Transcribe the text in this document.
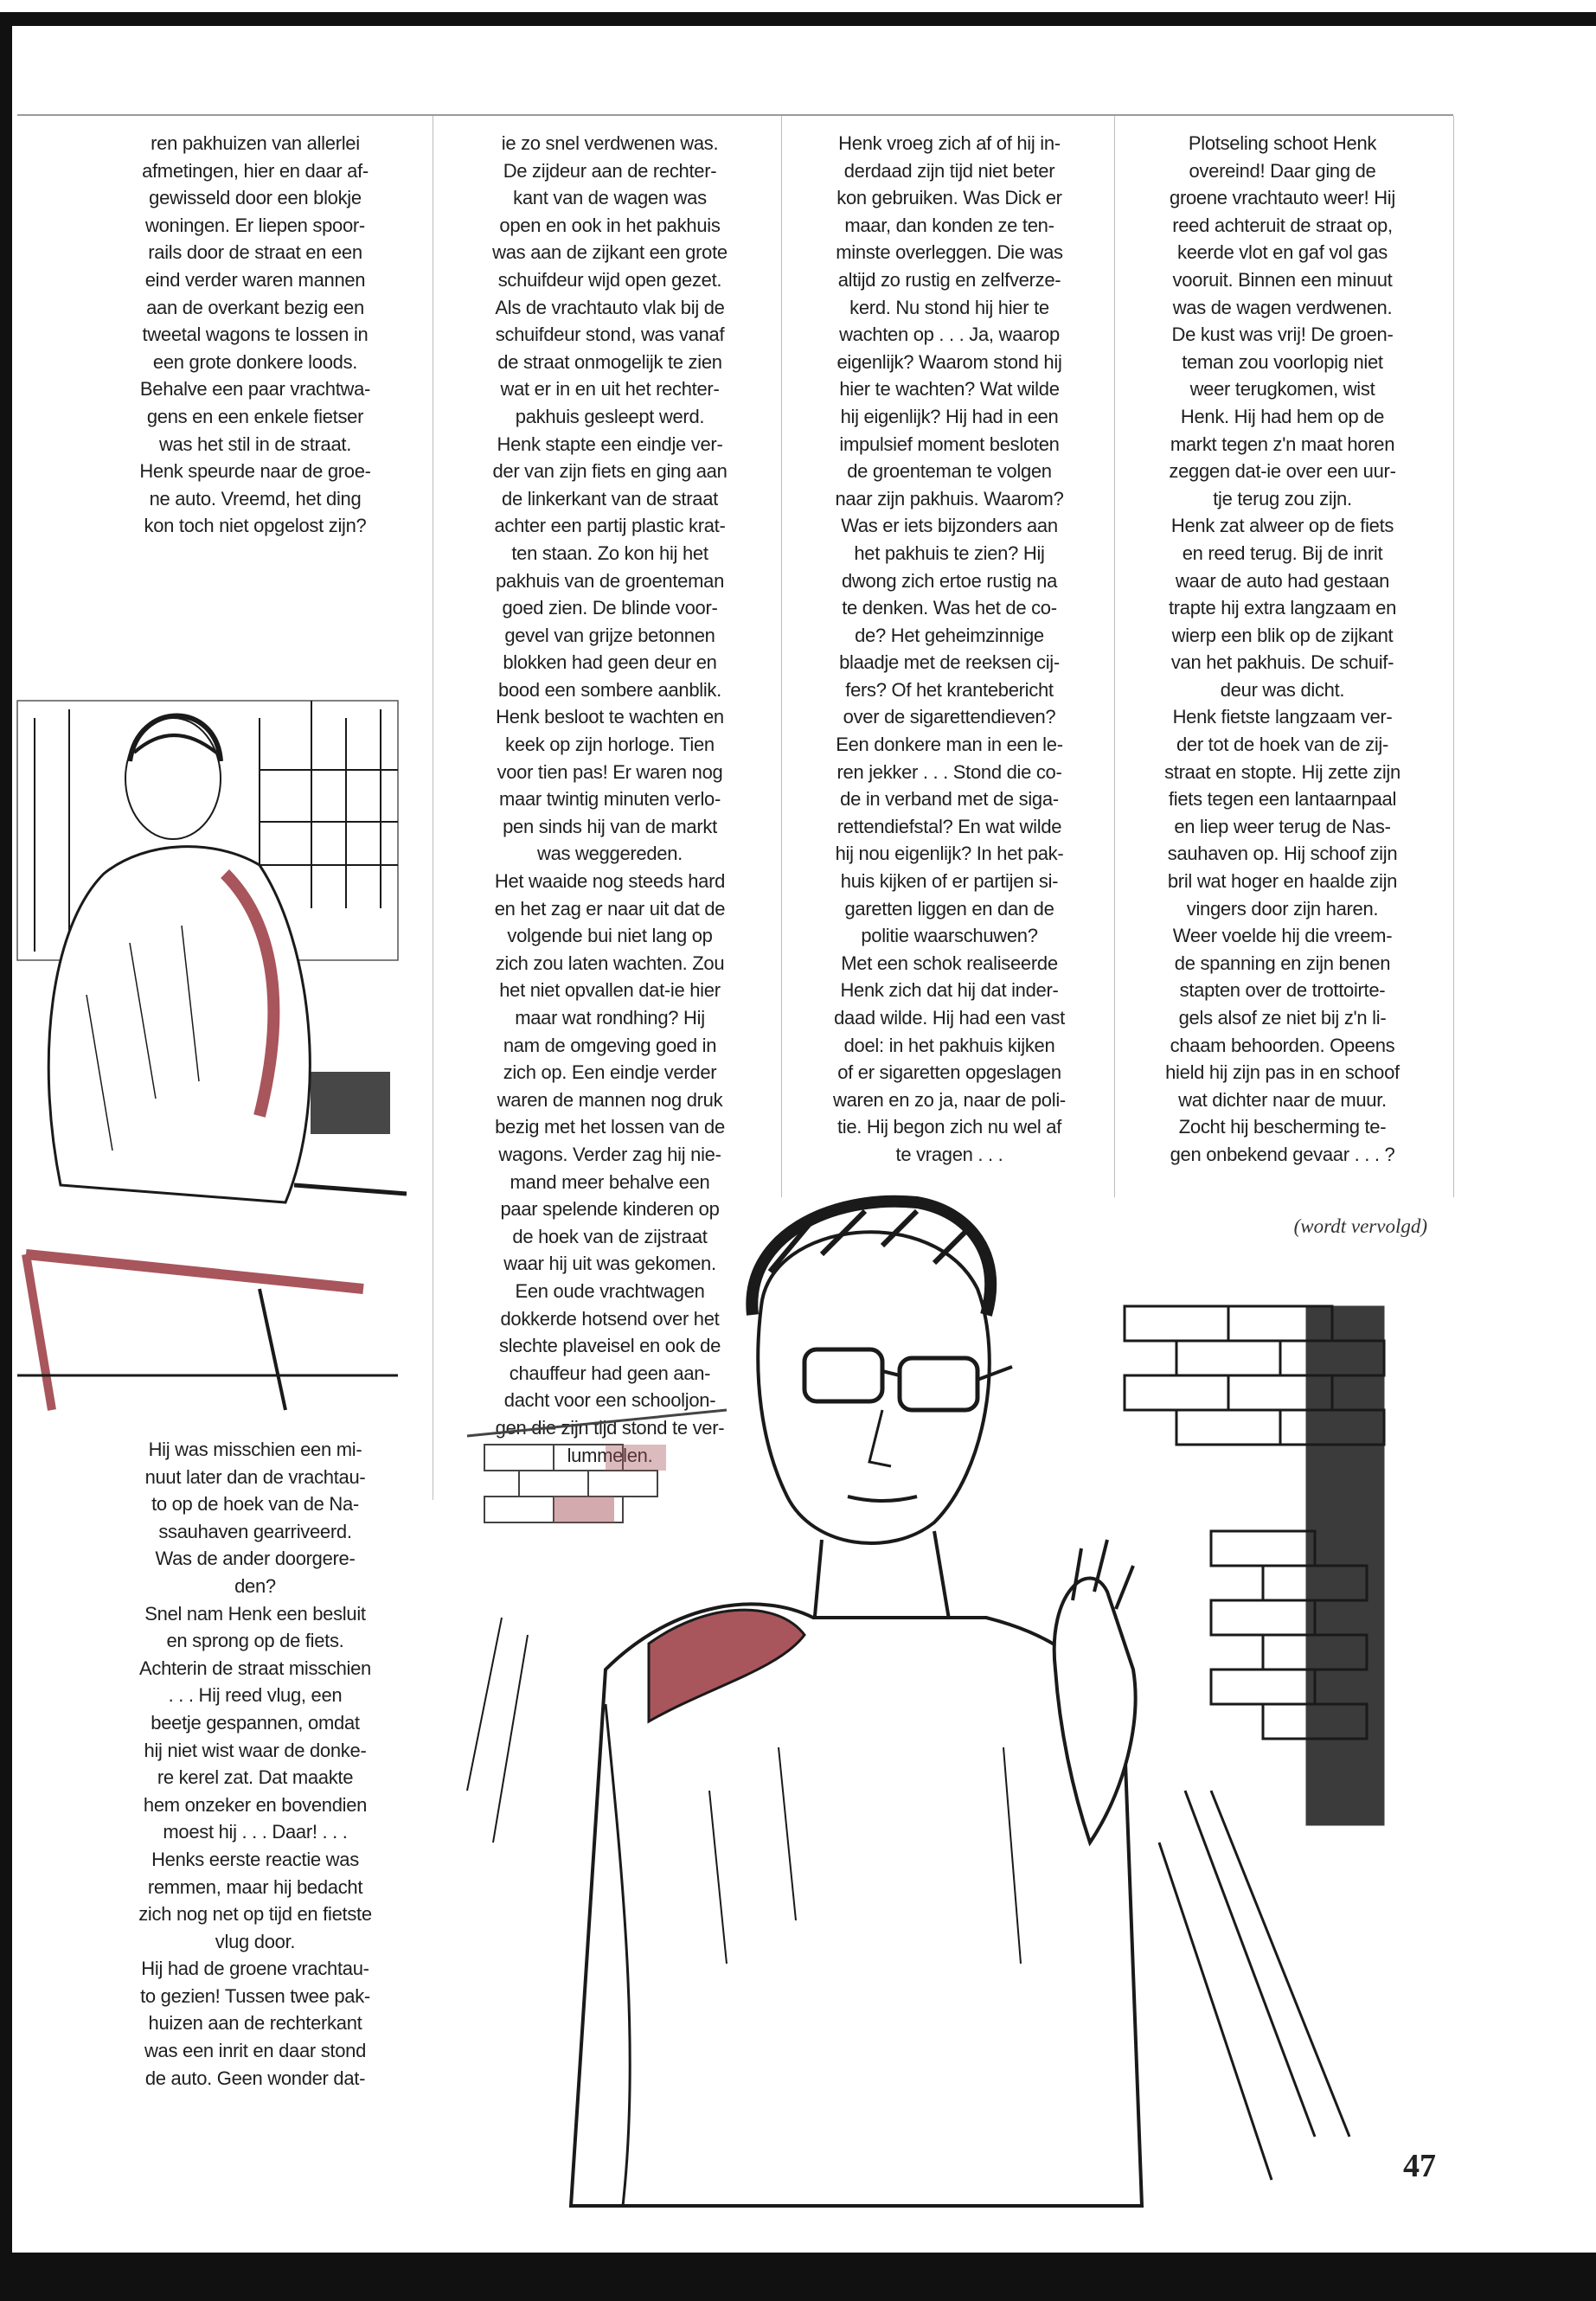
ren pakhuizen van allerlei
afmetingen, hier en daar af-
gewisseld door een blokje
woningen. Er liepen spoor-
rails door de straat en een
eind verder waren mannen
aan de overkant bezig een
tweetal wagons te lossen in
een grote donkere loods.
Behalve een paar vrachtwa-
gens en een enkele fietser
was het stil in de straat.
Henk speurde naar de groe-
ne auto. Vreemd, het ding
kon toch niet opgelost zijn?

Hij was misschien een mi-
nuut later dan de vrachtau-
to op de hoek van de Na-
ssauhaven gearriveerd.
Was de ander doorgere-
den?
Snel nam Henk een besluit
en sprong op de fiets.
Achterin de straat misschien
. . . Hij reed vlug, een
beetje gespannen, omdat
hij niet wist waar de donke-
re kerel zat. Dat maakte
hem onzeker en bovendien
moest hij . . . Daar! . . .
Henks eerste reactie was
remmen, maar hij bedacht
zich nog net op tijd en fietste
vlug door.
Hij had de groene vrachtau-
to gezien! Tussen twee pak-
huizen aan de rechterkant
was een inrit en daar stond
de auto. Geen wonder dat-

ie zo snel verdwenen was.
De zijdeur aan de rechter-
kant van de wagen was
open en ook in het pakhuis
was aan de zijkant een grote
schuifdeur wijd open gezet.
Als de vrachtauto vlak bij de
schuifdeur stond, was vanaf
de straat onmogelijk te zien
wat er in en uit het rechter-
pakhuis gesleept werd.
Henk stapte een eindje ver-
der van zijn fiets en ging aan
de linkerkant van de straat
achter een partij plastic krat-
ten staan. Zo kon hij het
pakhuis van de groenteman
goed zien. De blinde voor-
gevel van grijze betonnen
blokken had geen deur en
bood een sombere aanblik.
Henk besloot te wachten en
keek op zijn horloge. Tien
voor tien pas! Er waren nog
maar twintig minuten verlo-
pen sinds hij van de markt
was weggereden.
Het waaide nog steeds hard
en het zag er naar uit dat de
volgende bui niet lang op
zich zou laten wachten. Zou
het niet opvallen dat-ie hier
maar wat rondhing? Hij
nam de omgeving goed in
zich op. Een eindje verder
waren de mannen nog druk
bezig met het lossen van de
wagons. Verder zag hij nie-
mand meer behalve een
paar spelende kinderen op
de hoek van de zijstraat
waar hij uit was gekomen.
Een oude vrachtwagen
dokkerde hotsend over het
slechte plaveisel en ook de
chauffeur had geen aan-
dacht voor een schooljon-
gen die zijn tijd stond te ver-
lummelen.

Henk vroeg zich af of hij in-
derdaad zijn tijd niet beter
kon gebruiken. Was Dick er
maar, dan konden ze ten-
minste overleggen. Die was
altijd zo rustig en zelfverze-
kerd. Nu stond hij hier te
wachten op . . . Ja, waarop
eigenlijk? Waarom stond hij
hier te wachten? Wat wilde
hij eigenlijk? Hij had in een
impulsief moment besloten
de groenteman te volgen
naar zijn pakhuis. Waarom?
Was er iets bijzonders aan
het pakhuis te zien? Hij
dwong zich ertoe rustig na
te denken. Was het de co-
de? Het geheimzinnige
blaadje met de reeksen cij-
fers? Of het krantebericht
over de sigarettendieven?
Een donkere man in een le-
ren jekker . . . Stond die co-
de in verband met de siga-
rettendiefstal? En wat wilde
hij nou eigenlijk? In het pak-
huis kijken of er partijen si-
garetten liggen en dan de
politie waarschuwen?
Met een schok realiseerde
Henk zich dat hij dat inder-
daad wilde. Hij had een vast
doel: in het pakhuis kijken
of er sigaretten opgeslagen
waren en zo ja, naar de poli-
tie. Hij begon zich nu wel af
te vragen . . .

Plotseling schoot Henk
overeind! Daar ging de
groene vrachtauto weer! Hij
reed achteruit de straat op,
keerde vlot en gaf vol gas
vooruit. Binnen een minuut
was de wagen verdwenen.
De kust was vrij! De groen-
teman zou voorlopig niet
weer terugkomen, wist
Henk. Hij had hem op de
markt tegen z'n maat horen
zeggen dat-ie over een uur-
tje terug zou zijn.
Henk zat alweer op de fiets
en reed terug. Bij de inrit
waar de auto had gestaan
trapte hij extra langzaam en
wierp een blik op de zijkant
van het pakhuis. De schuif-
deur was dicht.
Henk fietste langzaam ver-
der tot de hoek van de zij-
straat en stopte. Hij zette zijn
fiets tegen een lantaarnpaal
en liep weer terug de Nas-
sauhaven op. Hij schoof zijn
bril wat hoger en haalde zijn
vingers door zijn haren.
Weer voelde hij die vreem-
de spanning en zijn benen
stapten over de trottoirte-
gels alsof ze niet bij z'n li-
chaam behoorden. Opeens
hield hij zijn pas in en schoof
wat dichter naar de muur.
Zocht hij bescherming te-
gen onbekend gevaar . . . ?

(wordt vervolgd)
47
